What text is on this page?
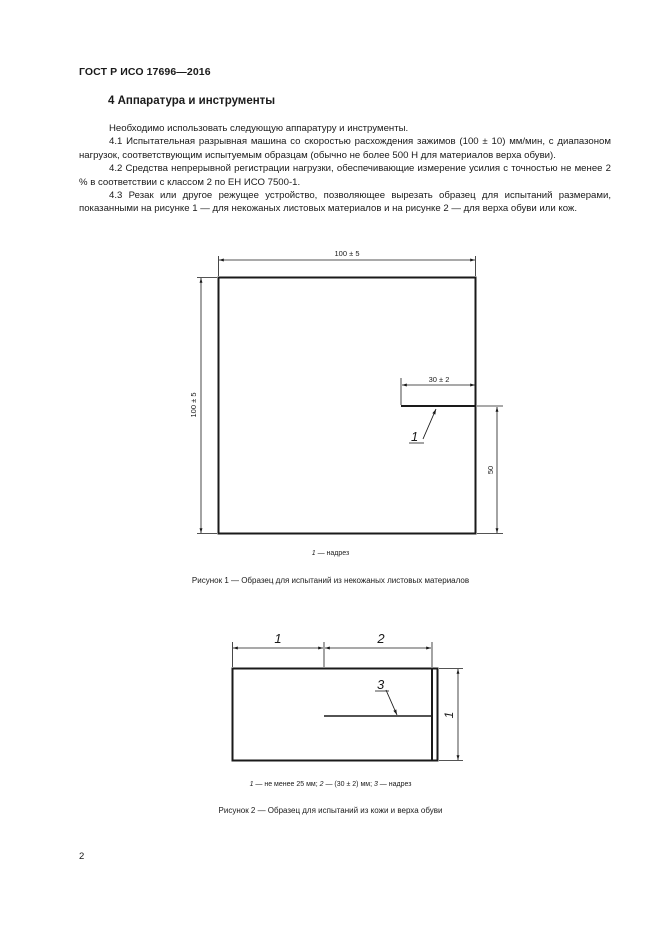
ГОСТ Р ИСО 17696—2016
4 Аппаратура и инструменты

Необходимо использовать следующую аппаратуру и инструменты.

4.1 Испытательная разрывная машина со скоростью расхождения зажимов (100 ± 10) мм/мин, с диапазоном нагрузок, соответствующим испытуемым образцам (обычно не более 500 Н для материалов верха обуви).

4.2 Средства непрерывной регистрации нагрузки, обеспечивающие измерение усилия с точностью не менее 2 % в соответствии с классом 2 по ЕН ИСО 7500-1.

4.3 Резак или другое режущее устройство, позволяющее вырезать образец для испытаний размерами, показанными на рисунке 1 — для некожаных листовых материалов и на рисунке 2 — для верха обуви или кож.

100 ± 5
100 ± 5
30 ± 2
50
1
1 — надрез
Рисунок 1 — Образец для испытаний из некожаных листовых материалов
1	2
1
3
1 — не менее 25 мм; 2 — (30 ± 2) мм; 3 — надрез
Рисунок 2 — Образец для испытаний из кожи и верха обуви
2
